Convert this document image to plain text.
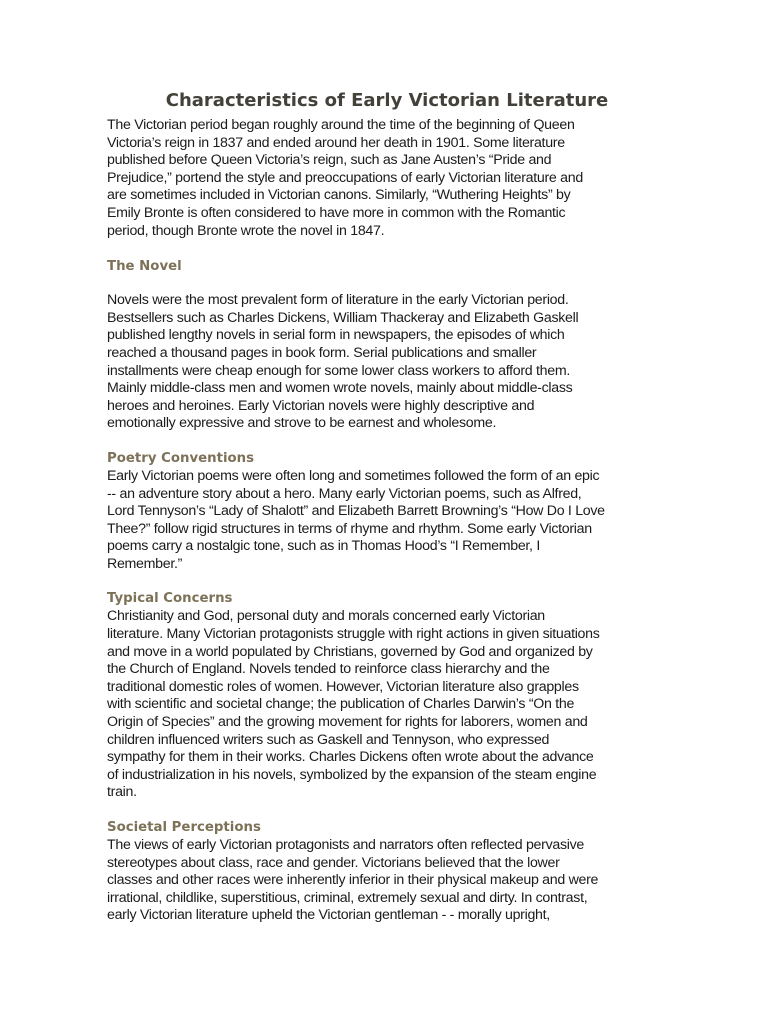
Characteristics of Early Victorian Literature

The Victorian period began roughly around the time of the beginning of Queen
Victoria’s reign in 1837 and ended around her death in 1901. Some literature
published before Queen Victoria’s reign, such as Jane Austen’s “Pride and
Prejudice,” portend the style and preoccupations of early Victorian literature and
are sometimes included in Victorian canons. Similarly, “Wuthering Heights” by
Emily Bronte is often considered to have more in common with the Romantic
period, though Bronte wrote the novel in 1847.

The Novel

Novels were the most prevalent form of literature in the early Victorian period.
Bestsellers such as Charles Dickens, William Thackeray and Elizabeth Gaskell
published lengthy novels in serial form in newspapers, the episodes of which
reached a thousand pages in book form. Serial publications and smaller
installments were cheap enough for some lower class workers to afford them.
Mainly middle-class men and women wrote novels, mainly about middle-class
heroes and heroines. Early Victorian novels were highly descriptive and
emotionally expressive and strove to be earnest and wholesome.

Poetry Conventions

Early Victorian poems were often long and sometimes followed the form of an epic
-- an adventure story about a hero. Many early Victorian poems, such as Alfred,
Lord Tennyson’s “Lady of Shalott” and Elizabeth Barrett Browning’s “How Do I Love
Thee?” follow rigid structures in terms of rhyme and rhythm. Some early Victorian
poems carry a nostalgic tone, such as in Thomas Hood’s “I Remember, I
Remember.”

Typical Concerns

Christianity and God, personal duty and morals concerned early Victorian
literature. Many Victorian protagonists struggle with right actions in given situations
and move in a world populated by Christians, governed by God and organized by
the Church of England. Novels tended to reinforce class hierarchy and the
traditional domestic roles of women. However, Victorian literature also grapples
with scientific and societal change; the publication of Charles Darwin’s “On the
Origin of Species” and the growing movement for rights for laborers, women and
children influenced writers such as Gaskell and Tennyson, who expressed
sympathy for them in their works. Charles Dickens often wrote about the advance
of industrialization in his novels, symbolized by the expansion of the steam engine
train.

Societal Perceptions

The views of early Victorian protagonists and narrators often reflected pervasive
stereotypes about class, race and gender. Victorians believed that the lower
classes and other races were inherently inferior in their physical makeup and were
irrational, childlike, superstitious, criminal, extremely sexual and dirty. In contrast,
early Victorian literature upheld the Victorian gentleman - - morally upright,
